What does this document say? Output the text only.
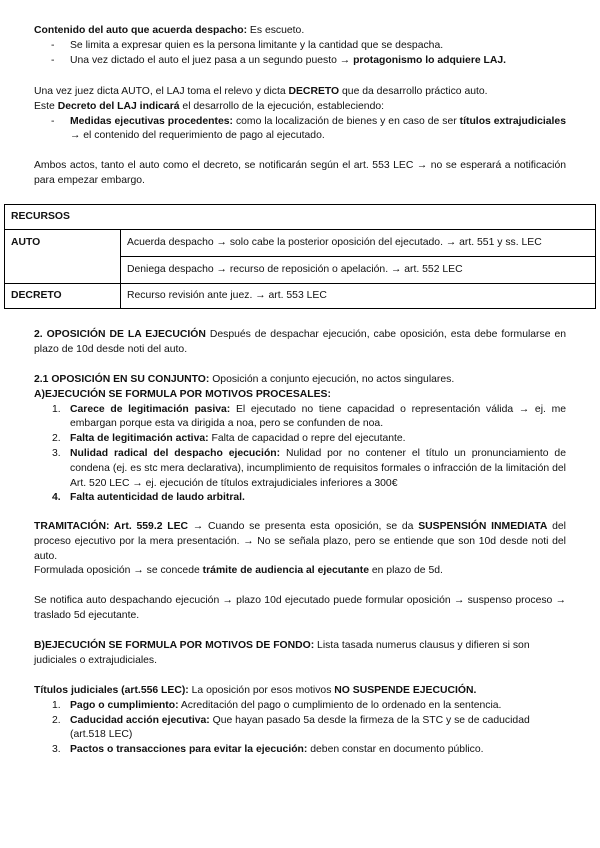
Contenido del auto que acuerda despacho: Es escueto.

- Se limita a expresar quien es la persona limitante y la cantidad que se despacha.
- Una vez dictado el auto el juez pasa a un segundo puesto → protagonismo lo adquiere LAJ.

Una vez juez dicta AUTO, el LAJ toma el relevo y dicta DECRETO que da desarrollo práctico auto.

Este Decreto del LAJ indicará el desarrollo de la ejecución, estableciendo:

- Medidas ejecutivas procedentes: como la localización de bienes y en caso de ser títulos extrajudiciales → el contenido del requerimiento de pago al ejecutado.

Ambos actos, tanto el auto como el decreto, se notificarán según el art. 553 LEC → no se esperará a notificación para empezar embargo.

RECURSOS	
AUTO	Acuerda despacho → solo cabe la posterior oposición del ejecutado. → art. 551 y ss. LEC
	Deniega despacho → recurso de reposición o apelación. → art. 552 LEC
DECRETO	Recurso revisión ante juez. → art. 553 LEC

2. OPOSICIÓN DE LA EJECUCIÓN Después de despachar ejecución, cabe oposición, esta debe formularse en plazo de 10d desde noti del auto.

2.1 OPOSICIÓN EN SU CONJUNTO: Oposición a conjunto ejecución, no actos singulares.

A)EJECUCIÓN SE FORMULA POR MOTIVOS PROCESALES:

1. Carece de legitimación pasiva: El ejecutado no tiene capacidad o representación válida → ej. me embargan porque esta va dirigida a noa, pero se confunden de noa.
2. Falta de legitimación activa: Falta de capacidad o repre del ejecutante.
3. Nulidad radical del despacho ejecución: Nulidad por no contener el título un pronunciamiento de condena (ej. es stc mera declarativa), incumplimiento de requisitos formales o infracción de la limitación del Art. 520 LEC → ej. ejecución de títulos extrajudiciales inferiores a 300€
4. Falta autenticidad de laudo arbitral.

TRAMITACIÓN: Art. 559.2 LEC → Cuando se presenta esta oposición, se da SUSPENSIÓN INMEDIATA del proceso ejecutivo por la mera presentación. → No se señala plazo, pero se entiende que son 10d desde noti del auto.

Formulada oposición → se concede trámite de audiencia al ejecutante en plazo de 5d.

Se notifica auto despachando ejecución → plazo 10d ejecutado puede formular oposición → suspenso proceso → traslado 5d ejecutante.

B)EJECUCIÓN SE FORMULA POR MOTIVOS DE FONDO: Lista tasada numerus clausus y difieren si son judiciales o extrajudiciales.

Títulos judiciales (art.556 LEC): La oposición por esos motivos NO SUSPENDE EJECUCIÓN.

1. Pago o cumplimiento: Acreditación del pago o cumplimiento de lo ordenado en la sentencia.
2. Caducidad acción ejecutiva: Que hayan pasado 5a desde la firmeza de la STC y se de caducidad (art.518 LEC)
3. Pactos o transacciones para evitar la ejecución: deben constar en documento público.
